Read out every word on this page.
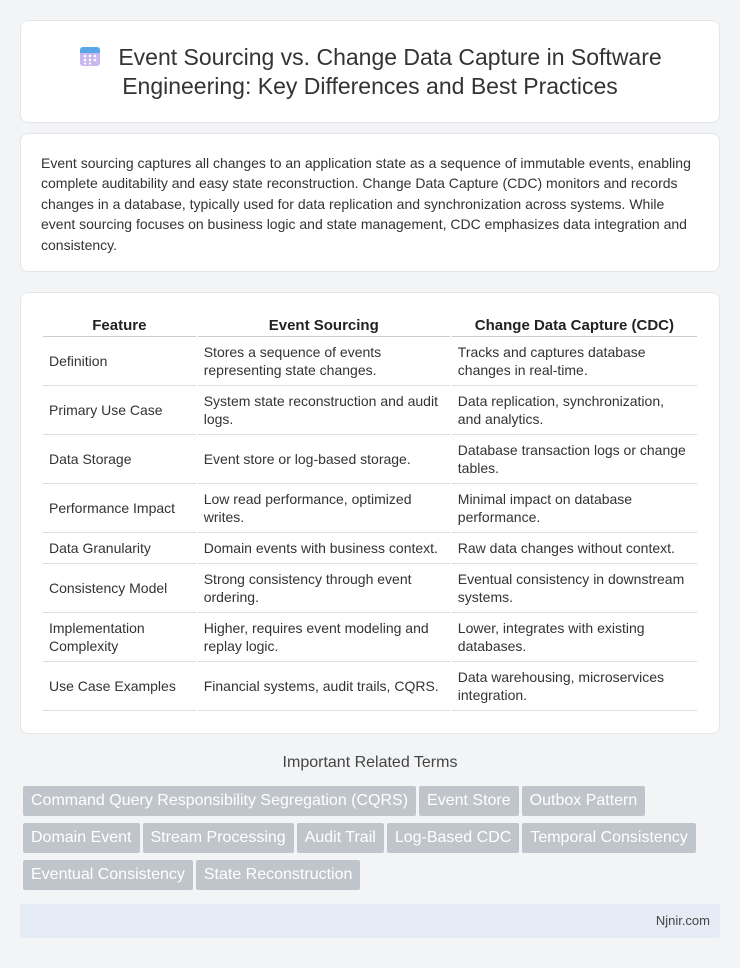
Event Sourcing vs. Change Data Capture in Software Engineering: Key Differences and Best Practices

Event sourcing captures all changes to an application state as a sequence of immutable events, enabling complete auditability and easy state reconstruction. Change Data Capture (CDC) monitors and records changes in a database, typically used for data replication and synchronization across systems. While event sourcing focuses on business logic and state management, CDC emphasizes data integration and consistency.

Feature	Event Sourcing	Change Data Capture (CDC)
Definition	Stores a sequence of events representing state changes.	Tracks and captures database changes in real-time.
Primary Use Case	System state reconstruction and audit logs.	Data replication, synchronization, and analytics.
Data Storage	Event store or log-based storage.	Database transaction logs or change tables.
Performance Impact	Low read performance, optimized writes.	Minimal impact on database performance.
Data Granularity	Domain events with business context.	Raw data changes without context.
Consistency Model	Strong consistency through event ordering.	Eventual consistency in downstream systems.
Implementation Complexity	Higher, requires event modeling and replay logic.	Lower, integrates with existing databases.
Use Case Examples	Financial systems, audit trails, CQRS.	Data warehousing, microservices integration.
Important Related Terms
Command Query Responsibility Segregation (CQRS) Event Store Outbox Pattern
Domain Event Stream Processing Audit Trail Log-Based CDC Temporal Consistency
Eventual Consistency State Reconstruction
Njnir.com
